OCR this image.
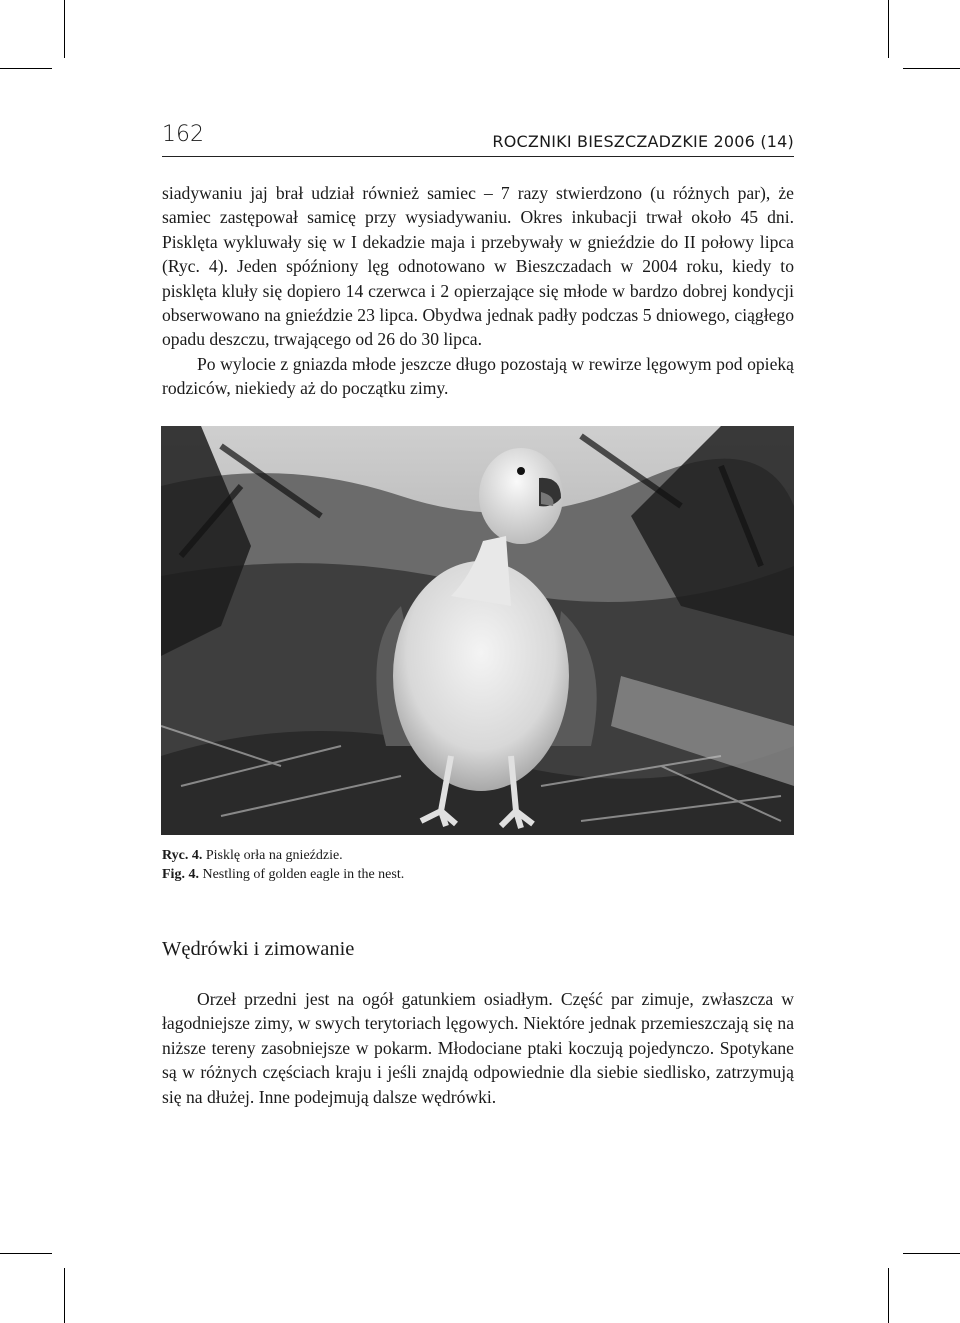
162	ROCZNIKI BIESZCZADZKIE 2006 (14)

siadywaniu jaj brał udział również samiec – 7 razy stwierdzono (u różnych par), że samiec zastępował samicę przy wysiadywaniu. Okres inkubacji trwał około 45 dni. Pisklęta wykluwały się w I dekadzie maja i przebywały w gnieździe do II połowy lipca (Ryc. 4). Jeden spóźniony lęg odnotowano w Bieszczadach w 2004 roku, kiedy to pisklęta kluły się dopiero 14 czerwca i 2 opierzające się młode w bardzo dobrej kondycji obserwowano na gnieździe 23 lipca. Obydwa jednak padły podczas 5 dniowego, ciągłego opadu deszczu, trwającego od 26 do 30 lipca.

Po wylocie z gniazda młode jeszcze długo pozostają w rewirze lęgowym pod opieką rodziców, niekiedy aż do początku zimy.

Ryc. 4. Pisklę orła na gnieździe.
Fig. 4. Nestling of golden eagle in the nest.
Wędrówki i zimowanie

Orzeł przedni jest na ogół gatunkiem osiadłym. Część par zimuje, zwłaszcza w łagodniejsze zimy, w swych terytoriach lęgowych. Niektóre jednak przemieszczają się na niższe tereny zasobniejsze w pokarm. Młodociane ptaki koczują pojedynczo. Spotykane są w różnych częściach kraju i jeśli znajdą odpowiednie dla siebie siedlisko, zatrzymują się na dłużej. Inne podejmują dalsze wędrówki.
